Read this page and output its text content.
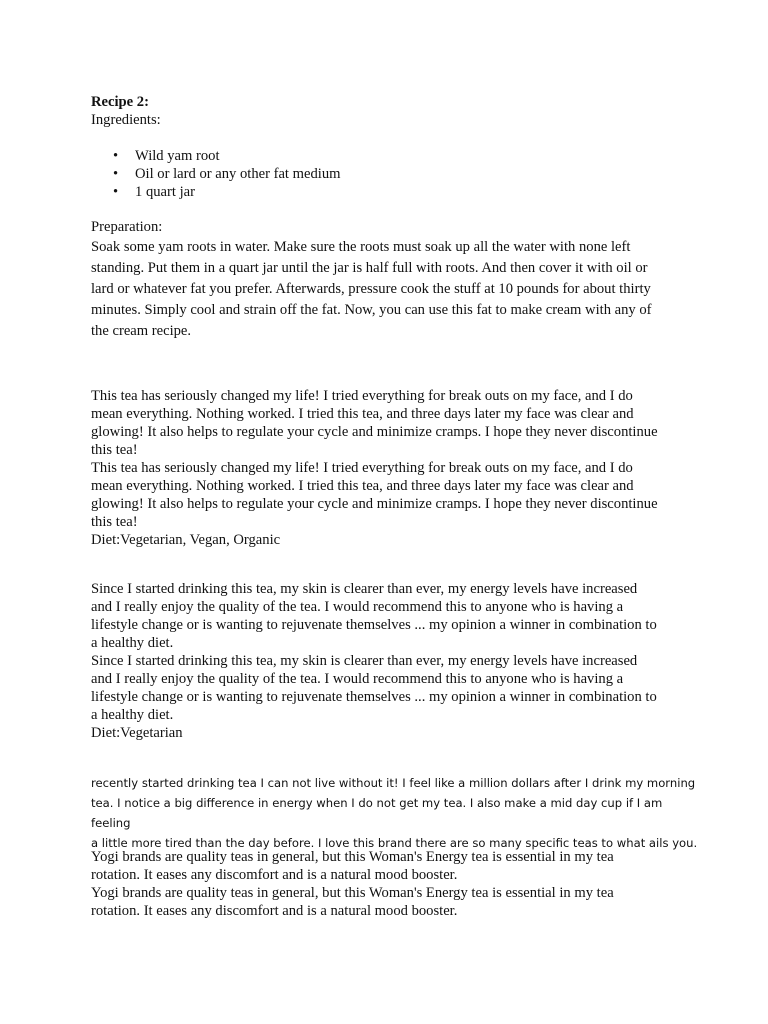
Recipe 2:
Ingredients:
• Wild yam root
• Oil or lard or any other fat medium
• 1 quart jar
Preparation:
Soak some yam roots in water. Make sure the roots must soak up all the water with none left
standing. Put them in a quart jar until the jar is half full with roots. And then cover it with oil or
lard or whatever fat you prefer. Afterwards, pressure cook the stuff at 10 pounds for about thirty
minutes. Simply cool and strain off the fat. Now, you can use this fat to make cream with any of
the cream recipe.
This tea has seriously changed my life! I tried everything for break outs on my face, and I do
mean everything. Nothing worked. I tried this tea, and three days later my face was clear and
glowing! It also helps to regulate your cycle and minimize cramps. I hope they never discontinue
this tea!
This tea has seriously changed my life! I tried everything for break outs on my face, and I do
mean everything. Nothing worked. I tried this tea, and three days later my face was clear and
glowing! It also helps to regulate your cycle and minimize cramps. I hope they never discontinue
this tea!
Diet:Vegetarian, Vegan, Organic
Since I started drinking this tea, my skin is clearer than ever, my energy levels have increased
and I really enjoy the quality of the tea. I would recommend this to anyone who is having a
lifestyle change or is wanting to rejuvenate themselves ... my opinion a winner in combination to
a healthy diet.
Since I started drinking this tea, my skin is clearer than ever, my energy levels have increased
and I really enjoy the quality of the tea. I would recommend this to anyone who is having a
lifestyle change or is wanting to rejuvenate themselves ... my opinion a winner in combination to
a healthy diet.
Diet:Vegetarian
recently started drinking tea I can not live without it! I feel like a million dollars after I drink my morning
tea. I notice a big difference in energy when I do not get my tea. I also make a mid day cup if I am feeling
a little more tired than the day before. I love this brand there are so many specific teas to what ails you.
Yogi brands are quality teas in general, but this Woman's Energy tea is essential in my tea
rotation. It eases any discomfort and is a natural mood booster.
Yogi brands are quality teas in general, but this Woman's Energy tea is essential in my tea
rotation. It eases any discomfort and is a natural mood booster.
